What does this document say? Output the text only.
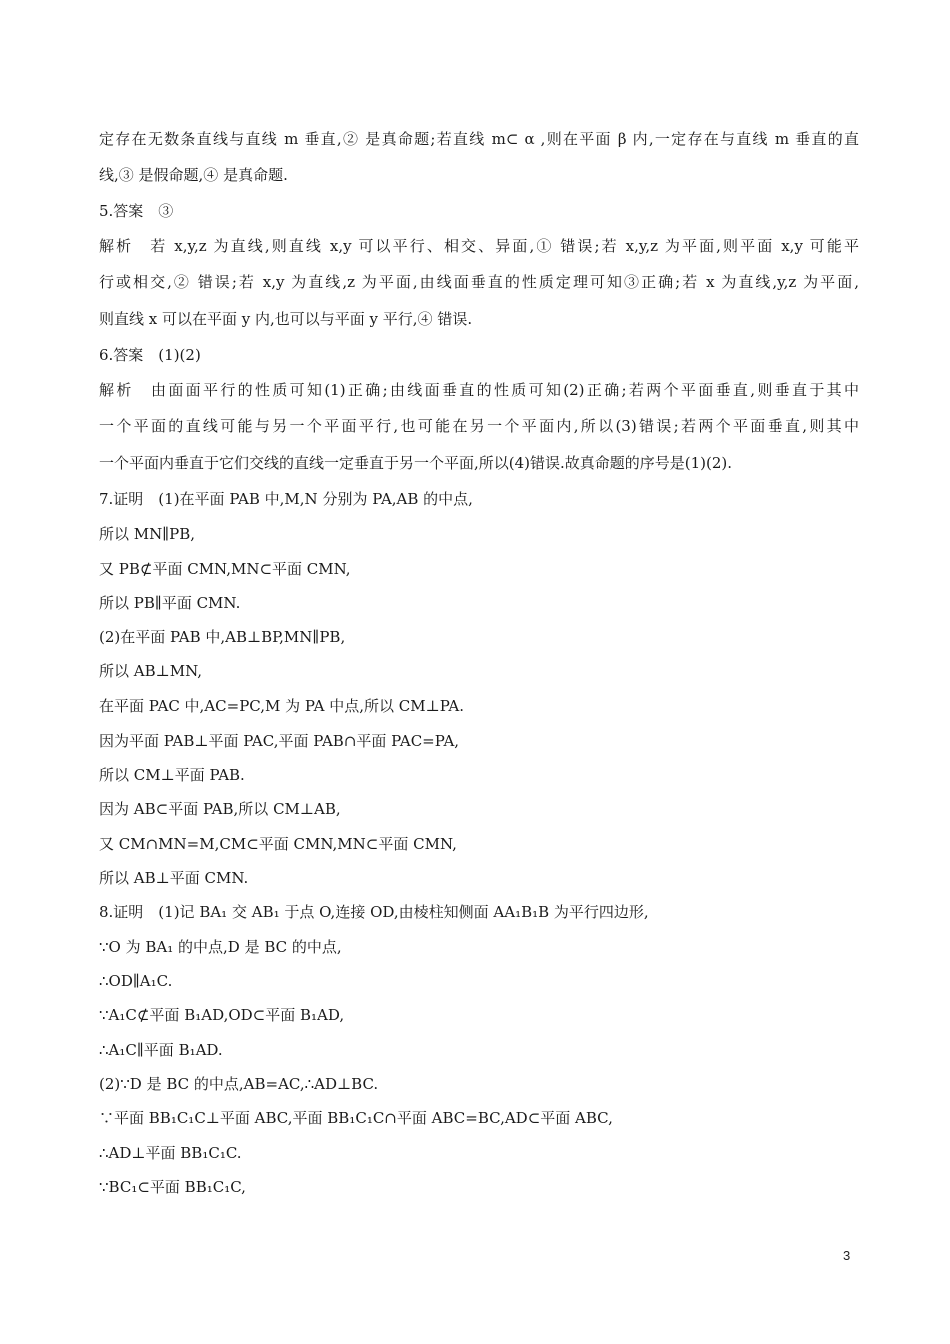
定存在无数条直线与直线 m 垂直,② 是真命题;若直线 m⊂ α ,则在平面 β 内,一定存在与直线 m 垂直的直
线,③ 是假命题,④ 是真命题.
5.答案　③
解析　若 x,y,z 为直线,则直线 x,y 可以平行、相交、异面,① 错误;若 x,y,z 为平面,则平面 x,y 可能平
行或相交,② 错误;若 x,y 为直线,z 为平面,由线面垂直的性质定理可知③正确;若 x 为直线,y,z 为平面,
则直线 x 可以在平面 y 内,也可以与平面 y 平行,④ 错误.
6.答案　(1)(2)
解析　由面面平行的性质可知(1)正确;由线面垂直的性质可知(2)正确;若两个平面垂直,则垂直于其中
一个平面的直线可能与另一个平面平行,也可能在另一个平面内,所以(3)错误;若两个平面垂直,则其中
一个平面内垂直于它们交线的直线一定垂直于另一个平面,所以(4)错误.故真命题的序号是(1)(2).
7.证明　(1)在平面 PAB 中,M,N 分别为 PA,AB 的中点,
所以 MN∥PB,
又 PB⊄平面 CMN,MN⊂平面 CMN,
所以 PB∥平面 CMN.
(2)在平面 PAB 中,AB⊥BP,MN∥PB,
所以 AB⊥MN,
在平面 PAC 中,AC=PC,M 为 PA 中点,所以 CM⊥PA.
因为平面 PAB⊥平面 PAC,平面 PAB∩平面 PAC=PA,
所以 CM⊥平面 PAB.
因为 AB⊂平面 PAB,所以 CM⊥AB,
又 CM∩MN=M,CM⊂平面 CMN,MN⊂平面 CMN,
所以 AB⊥平面 CMN.
8.证明　(1)记 BA₁ 交 AB₁ 于点 O,连接 OD,由棱柱知侧面 AA₁B₁B 为平行四边形,
∵O 为 BA₁ 的中点,D 是 BC 的中点,
∴OD∥A₁C.
∵A₁C⊄平面 B₁AD,OD⊂平面 B₁AD,
∴A₁C∥平面 B₁AD.
(2)∵D 是 BC 的中点,AB=AC,∴AD⊥BC.
∵平面 BB₁C₁C⊥平面 ABC,平面 BB₁C₁C∩平面 ABC=BC,AD⊂平面 ABC,
∴AD⊥平面 BB₁C₁C.
∵BC₁⊂平面 BB₁C₁C,
3
